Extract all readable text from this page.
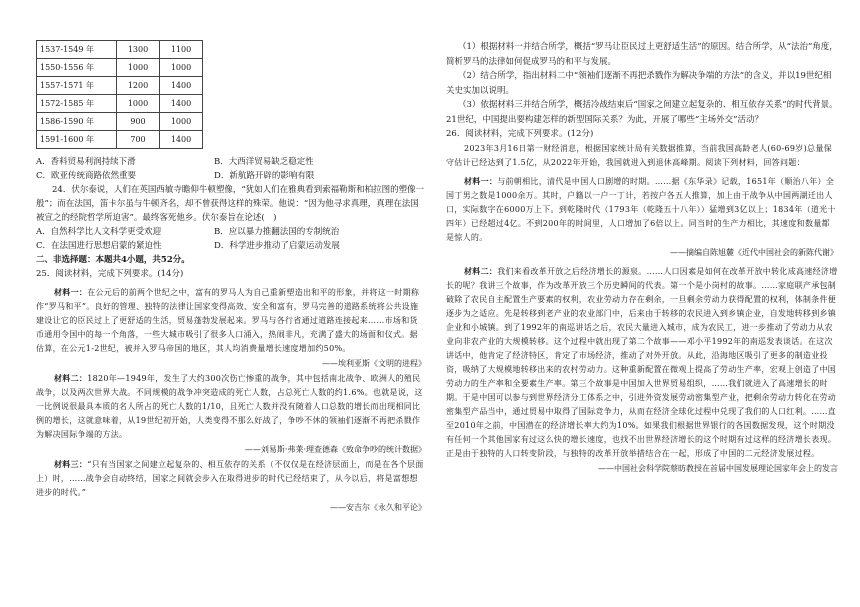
1537-1549 年	1300	1100
1550-1556 年	1000	1000
1557-1571 年	1200	1400
1572-1585 年	1000	1400
1586-1590 年	900	1000
1591-1600 年	700	1400
A．香料贸易利润持续下滑	B．大西洋贸易缺乏稳定性
C．欧亚传统商路依然重要	D．新航路开辟的影响有限

24．伏尔泰说，人们在英国西敏寺瞻仰牛顿塑像，“犹如人们在雅典看到索福勒斯和柏拉图的塑像一般”；而在法国，笛卡尔虽与牛顿齐名，却不曾获得这样的殊荣。他说：“因为他寻求真理，真理在法国被宣之的经院哲学所迫害”。最终客死他乡。伏尔泰旨在论述(　)

A．自然科学比人文科学更受欢迎	B．应以暴力推翻法国的专制统治
C．在法国进行思想启蒙的紧迫性	D．科学进步推动了启蒙运动发展

二、非选择题：本题共4小题，共52分。

25．阅读材料，完成下列要求。(14分)

材料一：在公元后的前两个世纪之中，富有的罗马人为自己重新塑造出和平的形象，并将这一时期称作“罗马和平”。良好的管理、独特的法律让国家变得高效、安全和富有，罗马完善的道路系统将公共设施建设让它的臣民过上了更舒适的生活，贸易蓬勃发展起来。罗马与各行省通过道路连接起来……市场和货币通用令国中的每一个角落，一些大城市吸引了很多人口涌入，热闹非凡，充满了盛大的场面和仪式。据估算，在公元1-2世纪，被并入罗马帝国的地区，其人均消费量增长速度增加约50%。

——埃利亚斯《文明的进程》

材料二：1820年—1949年，发生了大约300次伤亡惨重的战争，其中包括南北战争、欧洲人的殖民战争，以及两次世界大战。不同规模的战争冲突造成的死亡人数，占总死亡人数的约1.6%。也就是说，这一比例说很最具本质的名人所占的死亡人数的1/10，且死亡人数并没有随着人口总数的增长而出现相同比例的增长，这就意味着，从19世纪初开始，人类变得不那么好战了，争吵不休的领袖们逐渐不再把杀戮作为解决国际争端的方法。

——刘易斯·弗莱·理查德森《致命争吵的统计数据》

材料三：“只有当国家之间建立起复杂的、相互依存的关系（不仅仅是在经济层面上，而是在各个层面上）时，……战争会自动终结，国家之间就会步入在取得进步的时代已经结束了，从今以后，将是富想想进步的时代。”

——安吉尔《永久和平论》

（1）根据材料一并结合所学，概括“罗马让臣民过上更舒适生活”的原因。结合所学，从“法治”角度，简析罗马的法律如何促成罗马的和平与发展。

（2）结合所学，指出材料二中“领袖们逐渐不再把杀戮作为解决争端的方法”的含义，并以19世纪相关史实加以说明。

（3）依据材料三并结合所学，概括冷战结束后“国家之间建立起复杂的、相互依存关系”的时代背景。21世纪，中国提出要构建怎样的新型国际关系？为此，开展了哪些“主场外交”活动？

26．阅读材料，完成下列要求。(12分)

2023年3月16日第一财经消息，根据国家统计局有关数据推算，当前我国高龄老人(60-69岁)总量保守估计已经达到了1.5亿，从2022年开始，我国就进入到退休高峰期。阅读下列材料，回答问题：

材料一：与前朝相比，清代是中国人口剧增的时期。……据《东华录》记载，1651年（顺治八年）全国丁男之数是1000余万。其时，户籍以一户一丁计，若按户各五人推算，加上由于战争从中国两湖迁出人口，实际数字在6000万上下。到乾隆时代（1793年（乾隆五十八年））猛增到3亿以上；1834年（道光十四年）已经超过4亿。不到200年的时间里，人口增加了6倍以上。同当时的生产力相比，其速度和数量都是惊人的。

——摘编自陈旭麓《近代中国社会的新陈代谢》

材料二：我们来看改革开放之后经济增长的源泉。……人口因素是如何在改革开放中转化成高速经济增长的呢？我讲三个故事，作为改革开放三个历史瞬间的代表。第一个是小岗村的故事。……家庭联产承包制破除了农民自主配置生产要素的权利，农业劳动力存在剩余，一旦剩余劳动力获得配置的权利，体制条件便逐步为之适应。先是转移到老产业的农业部门中，后来由于转移的农民进入到乡镇企业，自发地转移到乡镇企业和小城镇。到了1992年的南巡讲话之后，农民大量进入城市，成为农民工，进一步推动了劳动力从农业向非农产业的大规模转移。这个过程中就出现了第二个故事——邓小平1992年的南巡发表谈话。在这次讲话中，他肯定了经济特区，肯定了市场经济，推动了对外开放。从此，沿海地区吸引了更多的制造业投资，吸纳了大规模地转移出来的农村劳动力。这种重新配置在微观上提高了劳动生产率，宏观上创造了中国劳动力的生产率和全要素生产率。第三个故事是中国加入世界贸易组织，……我们就进入了高速增长的时期。于是中国可以参与到世界经济分工体系之中，引进外资发展劳动密集型产业，把剩余劳动力转化在劳动密集型产品当中，通过贸易中取得了国际竞争力，从而在经济全球化过程中兑现了我们的人口红利。……直至2010年之前，中国潜在的经济增长率大约为10%。如果我们根据世界银行的各国数据发现，这个时期没有任何一个其他国家有过这么快的增长速度，也找不出世界经济增长的这个时期有过这样的经济增长表现。正是由于独特的人口转变阶段，与独特的改革开放举措结合在一起，形成了中国的二元经济发展过程。

——中国社会科学院蔡昉教授在首届中国发展理论国家年会上的发言
